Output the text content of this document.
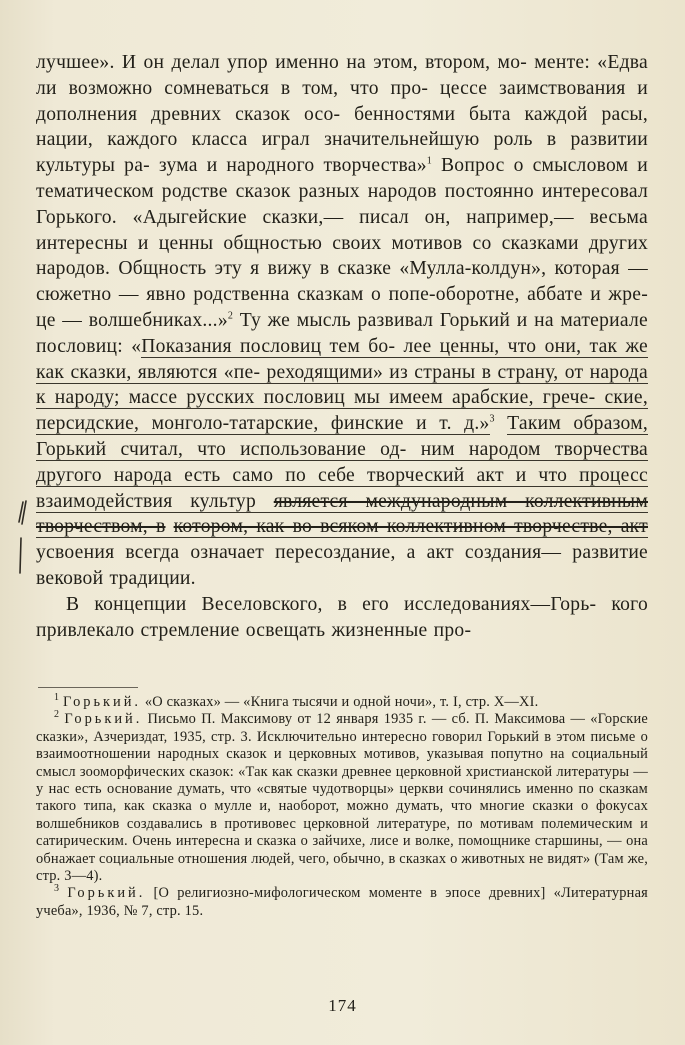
лучшее». И он делал упор именно на этом, втором, мо- менте: «Едва ли возможно сомневаться в том, что про- цессе заимствования и дополнения древних сказок осо- бенностями быта каждой расы, нации, каждого класса играл значительнейшую роль в развитии культуры ра- зума и народного творчества»$^1$ Вопрос о смысловом и тематическом родстве сказок разных народов постоянно интересовал Горького. «Адыгейские сказки,— писал он, например,— весьма интересны и ценны общностью своих мотивов со сказками других народов. Общность эту я вижу в сказке «Мулла-колдун», которая — сюжетно — явно родственна сказкам о попе-оборотне, аббате и жре- це — волшебниках...»$^2$ Ту же мысль развивал Горький и на материале пословиц: «Показания пословиц тем бо- лее ценны, что они, так же как сказки, являются «пе- реходящими» из страны в страну, от народа к народу; массе русских пословиц мы имеем арабские, грече- ские, персидские, монголо-татарские, финские и т. д.»$^3$ Таким образом, Горький считал, что использование од- ним народом творчества другого народа есть само по себе творческий акт и что процесс взаимодействия культур является международным коллективным творчеством, в котором, как во всяком коллективном творчестве, акт усвоения всегда означает пересоздание, а акт создания— развитие вековой традиции.

В концепции Веселовского, в его исследованиях—Горь- кого привлекало стремление освещать жизненные про-

$^1$ Горький. «О сказках» — «Книга тысячи и одной ночи», т. I, стр. X—XI.

$^2$ Горький. Письмо П. Максимову от 12 января 1935 г. — сб. П. Максимова — «Горские сказки», Азчериздат, 1935, стр. 3. Исключительно интересно говорил Горький в этом письме о взаимоотношении народных сказок и церковных мотивов, указывая попутно на социальный смысл зооморфических сказок: «Так как сказки древнее церковной христианской литературы — у нас есть основание думать, что «святые чудотворцы» церкви сочинялись именно по сказкам такого типа, как сказка о мулле и, наоборот, можно думать, что многие сказки о фокусах волшебников создавались в противовес церковной литературе, по мотивам полемическим и сатирическим. Очень интересна и сказка о зайчихе, лисе и волке, помощнике старшины, — она обнажает социальные отношения людей, чего, обычно, в сказках о животных не видят» (Там же, стр. 3—4).

$^3$ Горький. [О религиозно-мифологическом моменте в эпосе древних] «Литературная учеба», 1936, № 7, стр. 15.

174
